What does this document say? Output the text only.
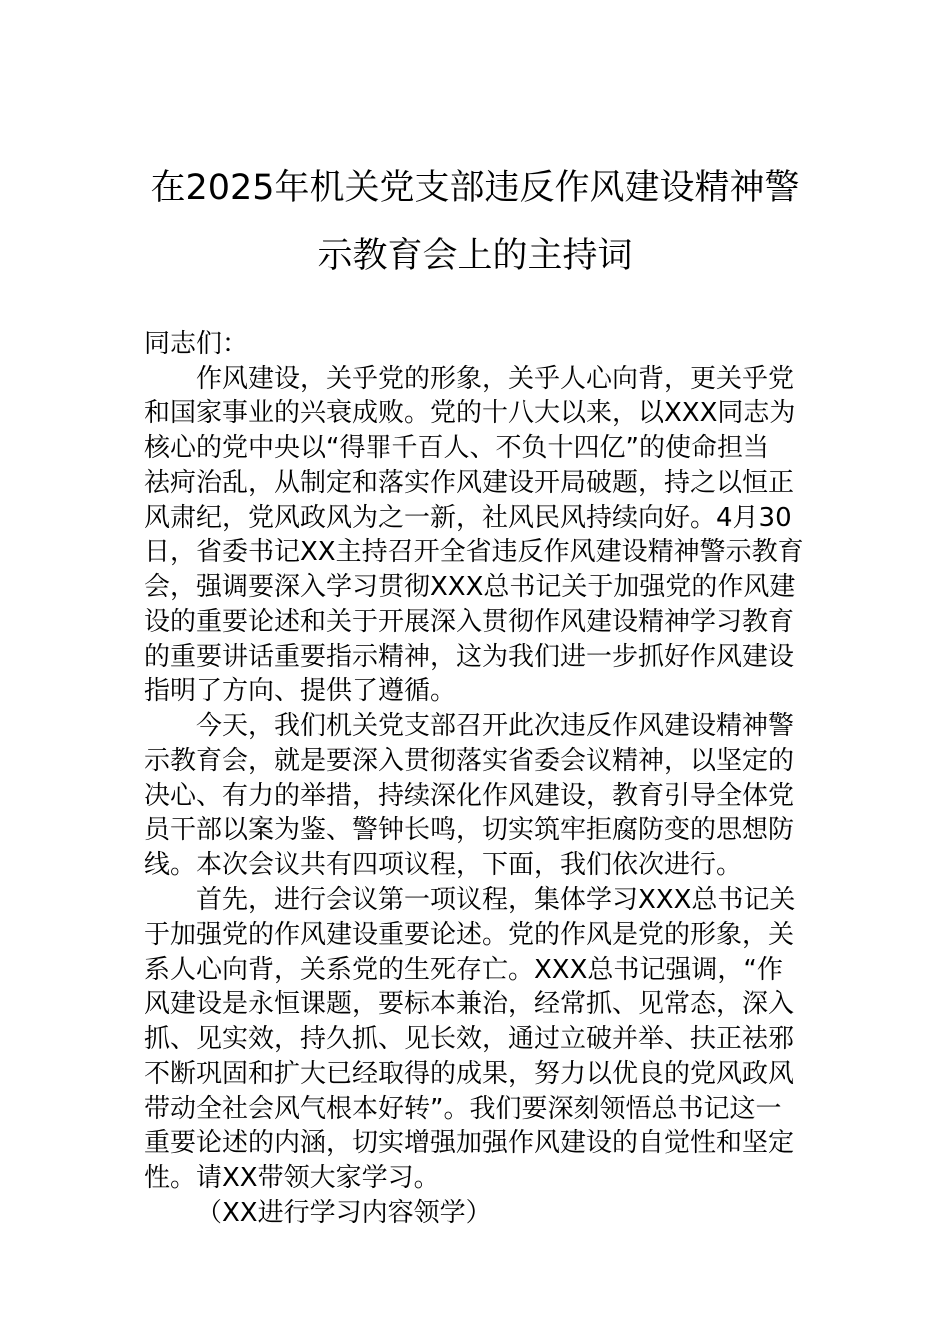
在2025年机关党支部违反作风建设精神警
示教育会上的主持词
同志们：
作风建设，关乎党的形象，关乎人心向背，更关乎党
和国家事业的兴衰成败。党的十八大以来，以XXX同志为
核心的党中央以“得罪千百人、不负十四亿”的使命担当
祛疴治乱，从制定和落实作风建设开局破题，持之以恒正
风肃纪，党风政风为之一新，社风民风持续向好。4月30
日，省委书记XX主持召开全省违反作风建设精神警示教育
会，强调要深入学习贯彻XXX总书记关于加强党的作风建
设的重要论述和关于开展深入贯彻作风建设精神学习教育
的重要讲话重要指示精神，这为我们进一步抓好作风建设
指明了方向、提供了遵循。
今天，我们机关党支部召开此次违反作风建设精神警
示教育会，就是要深入贯彻落实省委会议精神，以坚定的
决心、有力的举措，持续深化作风建设，教育引导全体党
员干部以案为鉴、警钟长鸣，切实筑牢拒腐防变的思想防
线。本次会议共有四项议程，下面，我们依次进行。
首先，进行会议第一项议程，集体学习XXX总书记关
于加强党的作风建设重要论述。党的作风是党的形象，关
系人心向背，关系党的生死存亡。XXX总书记强调，“作
风建设是永恒课题，要标本兼治，经常抓、见常态，深入
抓、见实效，持久抓、见长效，通过立破并举、扶正祛邪
不断巩固和扩大已经取得的成果，努力以优良的党风政风
带动全社会风气根本好转”。我们要深刻领悟总书记这一
重要论述的内涵，切实增强加强作风建设的自觉性和坚定
性。请XX带领大家学习。
（XX进行学习内容领学）
